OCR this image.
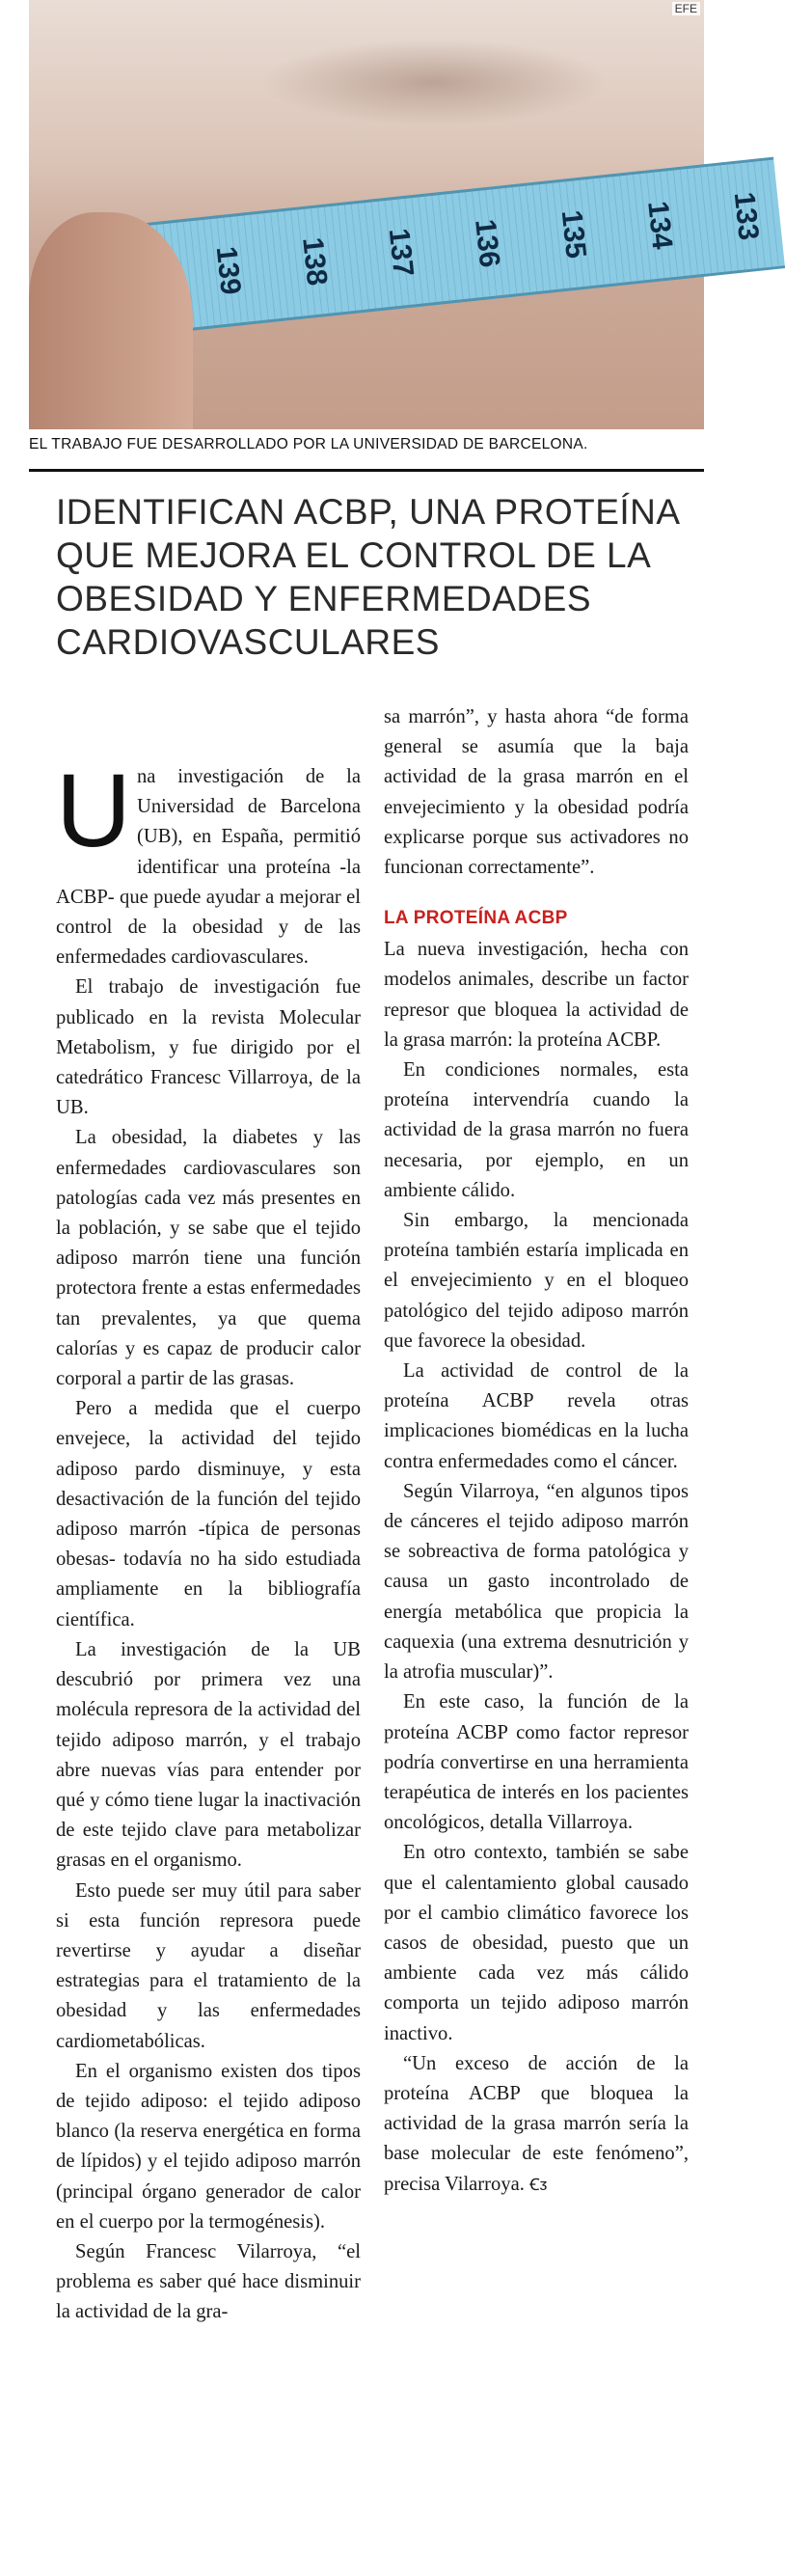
139 138 137 136 135 134 133
EFE
EL TRABAJO FUE DESARROLLADO POR LA UNIVERSIDAD DE BARCELONA.
IDENTIFICAN ACBP, UNA PROTEÍNA QUE MEJORA EL CONTROL DE LA OBESIDAD Y ENFERMEDADES CARDIOVASCULARES

Una investigación de la Universidad de Barcelona (UB), en España, permitió identificar una proteína -la ACBP- que puede ayudar a mejorar el control de la obesidad y de las enfermedades cardiovasculares.

El trabajo de investigación fue publicado en la revista Molecular Metabolism, y fue dirigido por el catedrático Francesc Villarroya, de la UB.

La obesidad, la diabetes y las enfermedades cardiovasculares son patologías cada vez más presentes en la población, y se sabe que el tejido adiposo marrón tiene una función protectora frente a estas enfermedades tan prevalentes, ya que quema calorías y es capaz de producir calor corporal a partir de las grasas.

Pero a medida que el cuerpo envejece, la actividad del tejido adiposo pardo disminuye, y esta desactivación de la función del tejido adiposo marrón -típica de personas obesas- todavía no ha sido estudiada ampliamente en la bibliografía científica.

La investigación de la UB descubrió por primera vez una molécula represora de la actividad del tejido adiposo marrón, y el trabajo abre nuevas vías para entender por qué y cómo tiene lugar la inactivación de este tejido clave para metabolizar grasas en el organismo.

Esto puede ser muy útil para saber si esta función represora puede revertirse y ayudar a diseñar estrategias para el tratamiento de la obesidad y las enfermedades cardiometabólicas.

En el organismo existen dos tipos de tejido adiposo: el tejido adiposo blanco (la reserva energética en forma de lípidos) y el tejido adiposo marrón (principal órgano generador de calor en el cuerpo por la termogénesis).

Según Francesc Vilarroya, “el problema es saber qué hace disminuir la actividad de la gra-

sa marrón”, y hasta ahora “de forma general se asumía que la baja actividad de la grasa marrón en el envejecimiento y la obesidad podría explicarse porque sus activadores no funcionan correctamente”.

LA PROTEÍNA ACBP

La nueva investigación, hecha con modelos animales, describe un factor represor que bloquea la actividad de la grasa marrón: la proteína ACBP.

En condiciones normales, esta proteína intervendría cuando la actividad de la grasa marrón no fuera necesaria, por ejemplo, en un ambiente cálido.

Sin embargo, la mencionada proteína también estaría implicada en el envejecimiento y en el bloqueo patológico del tejido adiposo marrón que favorece la obesidad.

La actividad de control de la proteína ACBP revela otras implicaciones biomédicas en la lucha contra enfermedades como el cáncer.

Según Vilarroya, “en algunos tipos de cánceres el tejido adiposo marrón se sobreactiva de forma patológica y causa un gasto incontrolado de energía metabólica que propicia la caquexia (una extrema desnutrición y la atrofia muscular)”.

En este caso, la función de la proteína ACBP como factor represor podría convertirse en una herramienta terapéutica de interés en los pacientes oncológicos, detalla Villarroya.

En otro contexto, también se sabe que el calentamiento global causado por el cambio climático favorece los casos de obesidad, puesto que un ambiente cada vez más cálido comporta un tejido adiposo marrón inactivo.

“Un exceso de acción de la proteína ACBP que bloquea la actividad de la grasa marrón sería la base molecular de este fenómeno”, precisa Vilarroya. Ꞓᴣ
